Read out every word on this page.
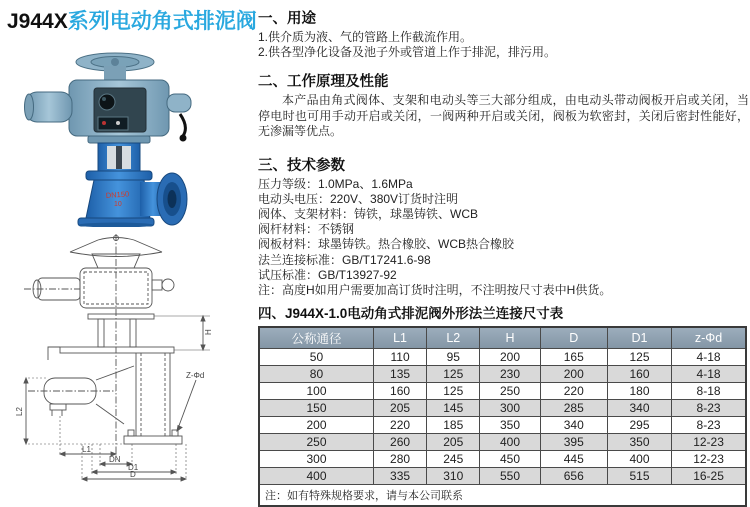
J944X系列电动角式排泥阀
DN150
10
H
L2
L1
DN
D1
D
Z-Φd
一、用途
1.供介质为液、气的管路上作截流作用。
2.供各型净化设备及池子外或管道上作于排泥，排污用。
二、工作原理及性能

本产品由角式阀体、支架和电动头等三大部分组成，由电动头带动阀板开启或关闭，当停电时也可用手动开启或关闭，一阀两种开启或关闭，阀板为软密封，关闭后密封性能好，无渗漏等优点。

三、技术参数
压力等级：1.0MPa、1.6MPa
电动头电压：220V、380V订货时注明
阀体、支架材料：铸铁，球墨铸铁、WCB
阀杆材料：不锈钢
阀板材料：球墨铸铁。热合橡胶、WCB热合橡胶
法兰连接标准：GB/T17241.6-98
试压标准：GB/T13927-92
注：高度H如用户需要加高订货时注明，不注明按尺寸表中H供货。
四、J944X-1.0电动角式排泥阀外形法兰连接尺寸表
公称通径	L1	L2	H	D	D1	z-Φd
50	110	95	200	165	125	4-18
80	135	125	230	200	160	4-18
100	160	125	250	220	180	8-18
150	205	145	300	285	340	8-23
200	220	185	350	340	295	8-23
250	260	205	400	395	350	12-23
300	280	245	450	445	400	12-23
400	335	310	550	656	515	16-25
注：如有特殊规格要求，请与本公司联系						
